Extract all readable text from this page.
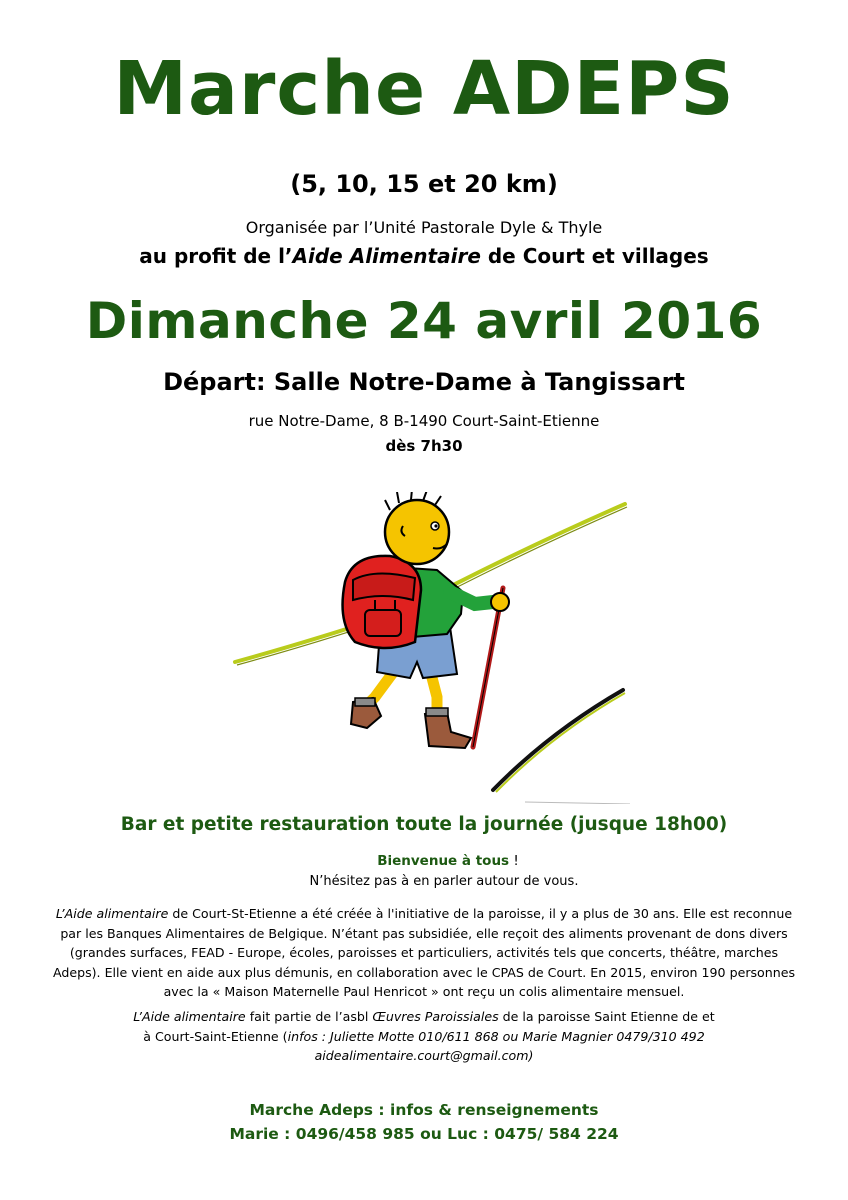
Marche ADEPS
(5, 10, 15 et 20 km)
Organisée par l’Unité Pastorale Dyle & Thyle
au profit de l’Aide Alimentaire de Court et villages
Dimanche 24 avril 2016
Départ: Salle Notre-Dame à Tangissart
rue Notre-Dame, 8 B-1490 Court-Saint-Etienne
dès 7h30
Bar et petite restauration toute la journée (jusque 18h00)
Bienvenue à tous !
N’hésitez pas à en parler autour de vous.
L’Aide alimentaire de Court-St-Etienne a été créée à l'initiative de la paroisse, il y a plus de 30 ans. Elle est reconnue
par les Banques Alimentaires de Belgique. N’étant pas subsidiée, elle reçoit des aliments provenant de dons divers
(grandes surfaces, FEAD - Europe, écoles, paroisses et particuliers, activités tels que concerts, théâtre, marches
Adeps). Elle vient en aide aux plus démunis, en collaboration avec le CPAS de Court. En 2015, environ 190 personnes
avec la « Maison Maternelle Paul Henricot » ont reçu un colis alimentaire mensuel.
L’Aide alimentaire fait partie de l’asbl Œuvres Paroissiales de la paroisse Saint Etienne de et
à Court-Saint-Etienne (infos : Juliette Motte 010/611 868 ou Marie Magnier 0479/310 492
aidealimentaire.court@gmail.com)
Marche Adeps : infos & renseignements
Marie : 0496/458 985 ou Luc : 0475/ 584 224
